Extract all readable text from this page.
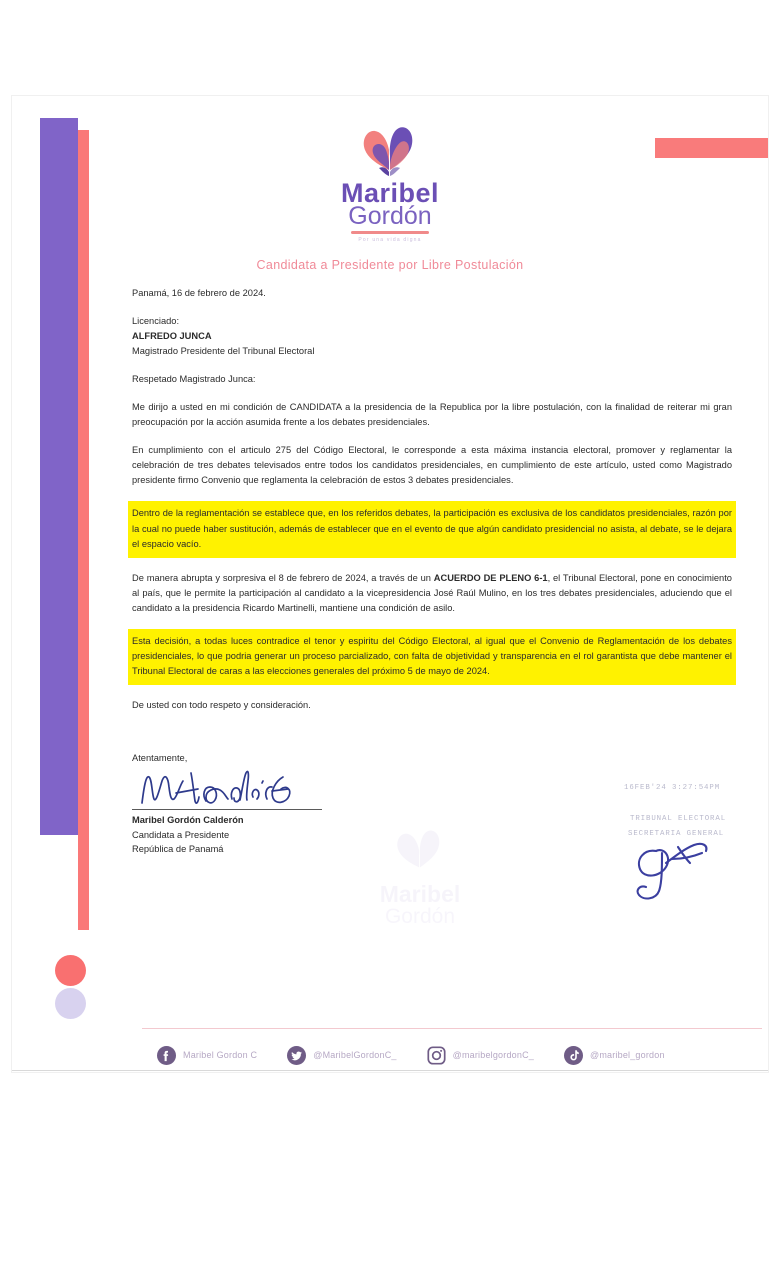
Maribel
Gordón
Por una vida digna
Candidata a Presidente por Libre Postulación

Panamá, 16 de febrero de 2024.

Licenciado:

ALFREDO JUNCA

Magistrado Presidente del Tribunal Electoral

Respetado Magistrado Junca:

Me dirijo a usted en mi condición de CANDIDATA a la presidencia de la Republica por la libre postulación, con la finalidad de reiterar mi gran preocupación por la acción asumida frente a los debates presidenciales.

En cumplimiento con el articulo 275 del Código Electoral, le corresponde a esta máxima instancia electoral, promover y reglamentar la celebración de tres debates televisados entre todos los candidatos presidenciales, en cumplimiento de este artículo, usted como Magistrado presidente firmo Convenio que reglamenta la celebración de estos 3 debates presidenciales.

Dentro de la reglamentación se establece que, en los referidos debates, la participación es exclusiva de los candidatos presidenciales, razón por la cual no puede haber sustitución, además de establecer que en el evento de que algún candidato presidencial no asista, al debate, se le dejara el espacio vacío.

De manera abrupta y sorpresiva el 8 de febrero de 2024, a través de un ACUERDO DE PLENO 6-1, el Tribunal Electoral, pone en conocimiento al país, que le permite la participación al candidato a la vicepresidencia José Raúl Mulino, en los tres debates presidenciales, aduciendo que el candidato a la presidencia Ricardo Martinelli, mantiene una condición de asilo.

Esta decisión, a todas luces contradice el tenor y espiritu del Código Electoral, al igual que el Convenio de Reglamentación de los debates presidenciales, lo que podria generar un proceso parcializado, con falta de objetividad y transparencia en el rol garantista que debe mantener el Tribunal Electoral de caras a las elecciones generales del próximo 5 de mayo de 2024.

De usted con todo respeto y consideración.

Maribel
Gordón

Atentamente,

Maribel Gordón Calderón

Candidata a Presidente

República de Panamá

16FEB'24 3:27:54PM

TRIBUNAL ELECTORAL

SECRETARIA GENERAL

Maribel Gordon C	@MaribelGordonC_	@maribelgordonC_	@maribel_gordon
